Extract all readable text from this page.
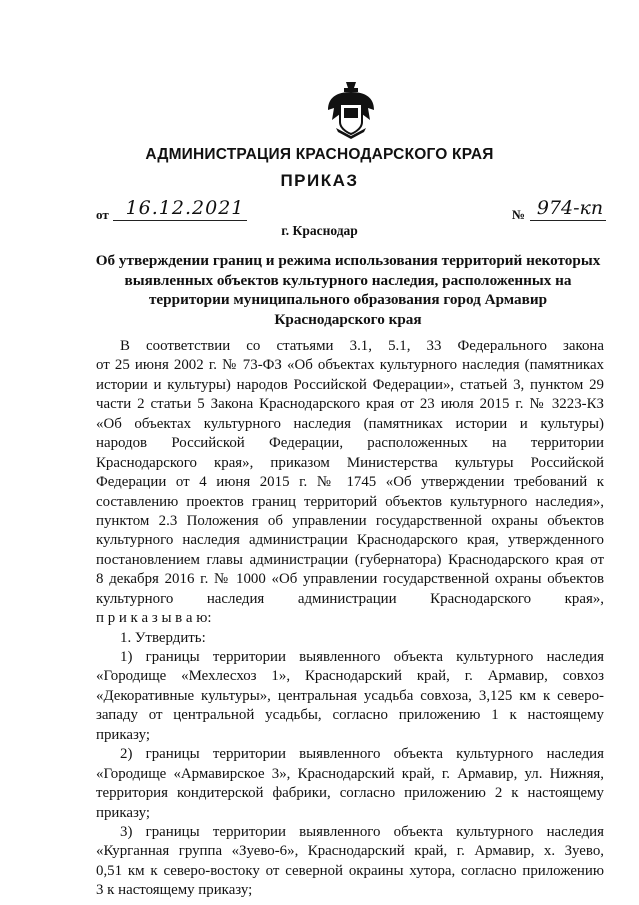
АДМИНИСТРАЦИЯ КРАСНОДАРСКОГО КРАЯ
ПРИКАЗ
от 16.12.2021
г. Краснодар
№ 974-кп
Об утверждении границ и режима использования территорий некоторых
выявленных объектов культурного наследия, расположенных на
территории муниципального образования город Армавир
Краснодарского края
В соответствии со статьями 3.1, 5.1, 33 Федерального закона
от 25 июня 2002 г. № 73-ФЗ «Об объектах культурного наследия (памятниках
истории и культуры) народов Российской Федерации», статьей 3, пунктом 29
части 2 статьи 5 Закона Краснодарского края от 23 июля 2015 г. № 3223-КЗ
«Об объектах культурного наследия (памятниках истории и культуры)
народов Российской Федерации, расположенных на территории
Краснодарского края», приказом Министерства культуры Российской
Федерации от 4 июня 2015 г. № 1745 «Об утверждении требований к
составлению проектов границ территорий объектов культурного наследия»,
пунктом 2.3 Положения об управлении государственной охраны объектов
культурного наследия администрации Краснодарского края, утвержденного
постановлением главы администрации (губернатора) Краснодарского края от
8 декабря 2016 г. № 1000 «Об управлении государственной охраны объектов
культурного наследия администрации Краснодарского края»,
п р и к а з ы в а ю:
1. Утвердить:
1) границы территории выявленного объекта культурного наследия
«Городище «Мехлесхоз 1», Краснодарский край, г. Армавир, совхоз
«Декоративные культуры», центральная усадьба совхоза, 3,125 км к северо-
западу от центральной усадьбы, согласно приложению 1 к настоящему
приказу;
2) границы территории выявленного объекта культурного наследия
«Городище «Армавирское 3», Краснодарский край, г. Армавир, ул. Нижняя,
территория кондитерской фабрики, согласно приложению 2 к настоящему
приказу;
3) границы территории выявленного объекта культурного наследия
«Курганная группа «Зуево-6», Краснодарский край, г. Армавир, х. Зуево,
0,51 км к северо-востоку от северной окраины хутора, согласно приложению
3 к настоящему приказу;
